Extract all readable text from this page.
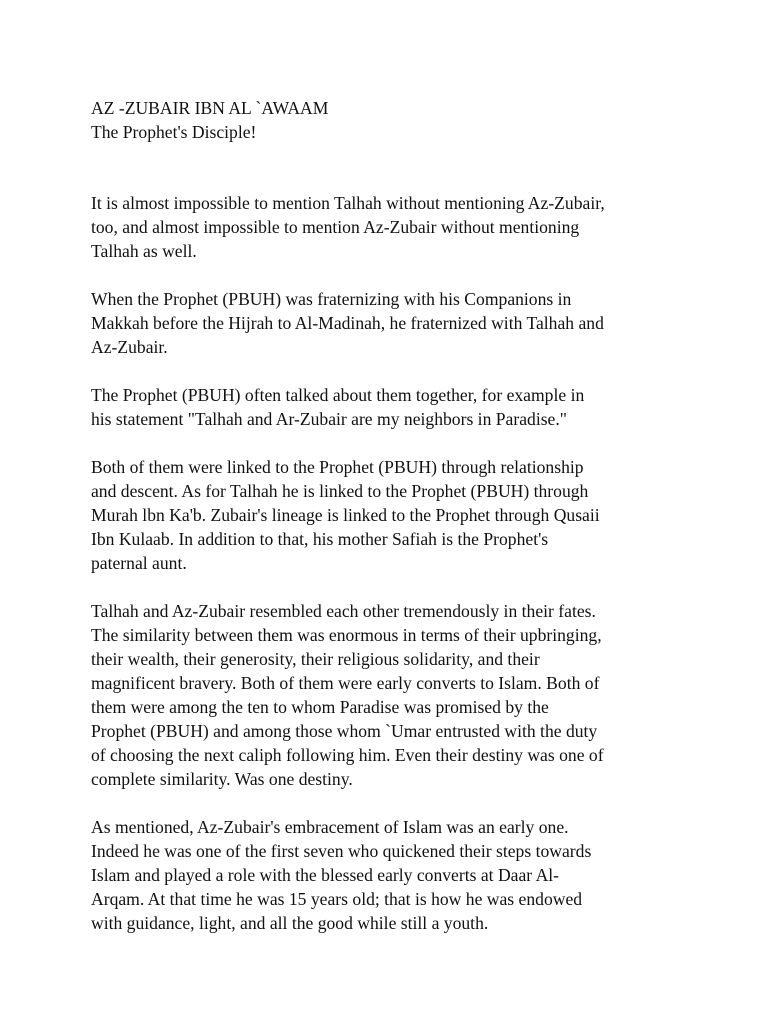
AZ -ZUBAIR IBN AL `AWAAM
The Prophet's Disciple!
It is almost impossible to mention Talhah without mentioning Az-Zubair,
too, and almost impossible to mention Az-Zubair without mentioning
Talhah as well.
When the Prophet (PBUH) was fraternizing with his Companions in
Makkah before the Hijrah to Al-Madinah, he fraternized with Talhah and
Az-Zubair.
The Prophet (PBUH) often talked about them together, for example in
his statement "Talhah and Ar-Zubair are my neighbors in Paradise."
Both of them were linked to the Prophet (PBUH) through relationship
and descent. As for Talhah he is linked to the Prophet (PBUH) through
Murah lbn Ka'b. Zubair's lineage is linked to the Prophet through Qusaii
Ibn Kulaab. In addition to that, his mother Safiah is the Prophet's
paternal aunt.
Talhah and Az-Zubair resembled each other tremendously in their fates.
The similarity between them was enormous in terms of their upbringing,
their wealth, their generosity, their religious solidarity, and their
magnificent bravery. Both of them were early converts to Islam. Both of
them were among the ten to whom Paradise was promised by the
Prophet (PBUH) and among those whom `Umar entrusted with the duty
of choosing the next caliph following him. Even their destiny was one of
complete similarity. Was one destiny.
As mentioned, Az-Zubair's embracement of Islam was an early one.
Indeed he was one of the first seven who quickened their steps towards
Islam and played a role with the blessed early converts at Daar Al-
Arqam. At that time he was 15 years old; that is how he was endowed
with guidance, light, and all the good while still a youth.
